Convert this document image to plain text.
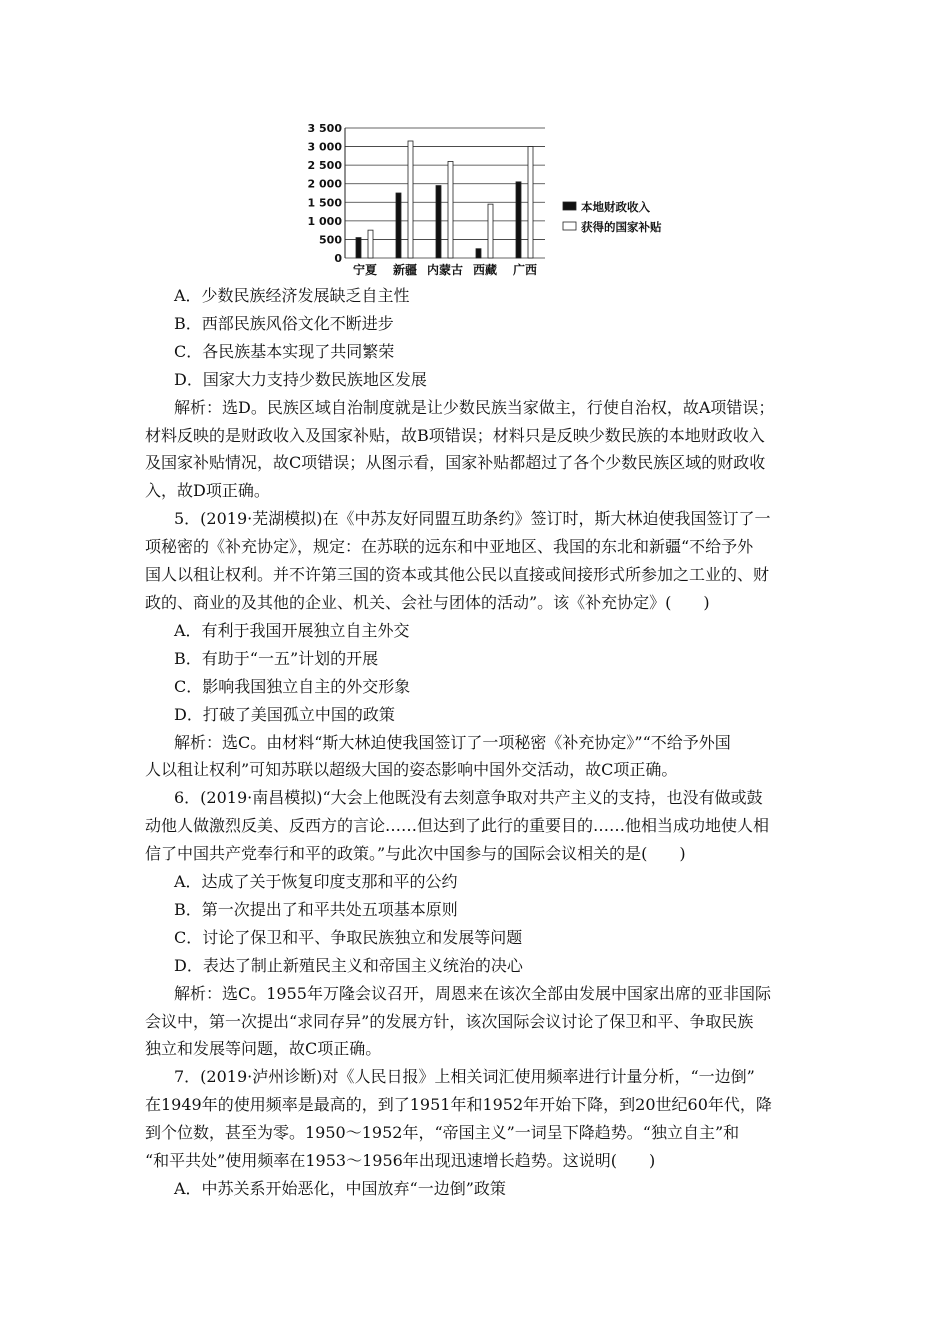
3 500
3 000
2 500
2 000
1 500
1 000
500
0
宁夏 新疆 内蒙古 西藏 广西
本地财政收入
获得的国家补贴
A．少数民族经济发展缺乏自主性
B．西部民族风俗文化不断进步
C．各民族基本实现了共同繁荣
D．国家大力支持少数民族地区发展
解析：选D。民族区域自治制度就是让少数民族当家做主，行使自治权，故A项错误；
材料反映的是财政收入及国家补贴，故B项错误；材料只是反映少数民族的本地财政收入
及国家补贴情况，故C项错误；从图示看，国家补贴都超过了各个少数民族区域的财政收
入，故D项正确。
5．(2019·芜湖模拟)在《中苏友好同盟互助条约》签订时，斯大林迫使我国签订了一
项秘密的《补充协定》，规定：在苏联的远东和中亚地区、我国的东北和新疆“不给予外
国人以租让权利。并不许第三国的资本或其他公民以直接或间接形式所参加之工业的、财
政的、商业的及其他的企业、机关、会社与团体的活动”。该《补充协定》(　　)
A．有利于我国开展独立自主外交
B．有助于“一五”计划的开展
C．影响我国独立自主的外交形象
D．打破了美国孤立中国的政策
解析：选C。由材料“斯大林迫使我国签订了一项秘密《补充协定》”“不给予外国
人以租让权利”可知苏联以超级大国的姿态影响中国外交活动，故C项正确。
6．(2019·南昌模拟)“大会上他既没有去刻意争取对共产主义的支持，也没有做或鼓
动他人做激烈反美、反西方的言论……但达到了此行的重要目的……他相当成功地使人相
信了中国共产党奉行和平的政策。”与此次中国参与的国际会议相关的是(　　)
A．达成了关于恢复印度支那和平的公约
B．第一次提出了和平共处五项基本原则
C．讨论了保卫和平、争取民族独立和发展等问题
D．表达了制止新殖民主义和帝国主义统治的决心
解析：选C。1955年万隆会议召开，周恩来在该次全部由发展中国家出席的亚非国际
会议中，第一次提出“求同存异”的发展方针，该次国际会议讨论了保卫和平、争取民族
独立和发展等问题，故C项正确。
7．(2019·泸州诊断)对《人民日报》上相关词汇使用频率进行计量分析，“一边倒”
在1949年的使用频率是最高的，到了1951年和1952年开始下降，到20世纪60年代，降
到个位数，甚至为零。1950～1952年，“帝国主义”一词呈下降趋势。“独立自主”和
“和平共处”使用频率在1953～1956年出现迅速增长趋势。这说明(　　)
A．中苏关系开始恶化，中国放弃“一边倒”政策
